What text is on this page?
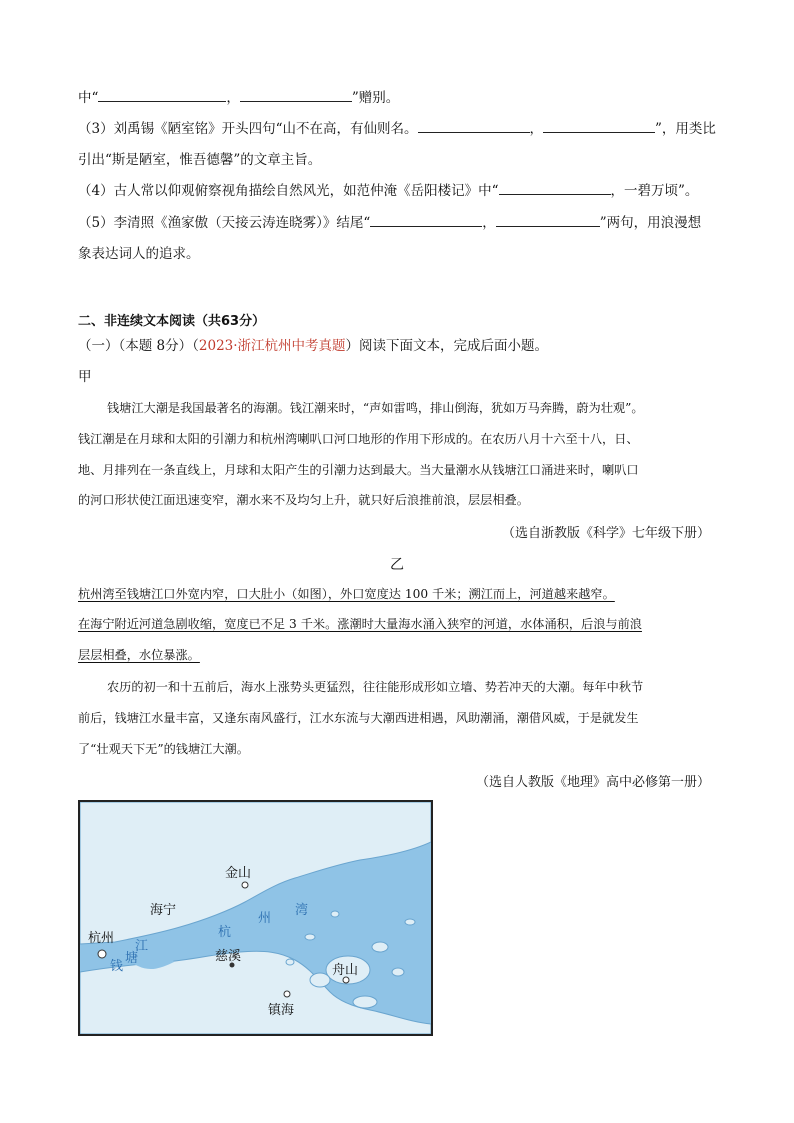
中“	，	”赠别。
（3）刘禹锡《陋室铭》开头四句“山不在高，有仙则名。	，	”，用类比
引出“斯是陋室，惟吾德馨”的文章主旨。
（4）古人常以仰观俯察视角描绘自然风光，如范仲淹《岳阳楼记》中“	，一碧万顷”。
（5）李清照《渔家傲（天接云涛连晓雾）》结尾“	，	”两句，用浪漫想
象表达词人的追求。
二、非连续文本阅读（共63分）
（一）（本题 8分）（2023·浙江杭州中考真题）阅读下面文本，完成后面小题。
甲
钱塘江大潮是我国最著名的海潮。钱江潮来时，“声如雷鸣，排山倒海，犹如万马奔腾，蔚为壮观”。
钱江潮是在月球和太阳的引潮力和杭州湾喇叭口河口地形的作用下形成的。在农历八月十六至十八，日、
地、月排列在一条直线上，月球和太阳产生的引潮力达到最大。当大量潮水从钱塘江口涌进来时，喇叭口
的河口形状使江面迅速变窄，潮水来不及均匀上升，就只好后浪推前浪，层层相叠。
（选自浙教版《科学》七年级下册）
乙
杭州湾至钱塘江口外宽内窄，口大肚小（如图），外口宽度达 100 千米；溯江而上，河道越来越窄。
在海宁附近河道急剧收缩，宽度已不足 3 千米。涨潮时大量海水涌入狭窄的河道，水体涌积，后浪与前浪
层层相叠，水位暴涨。
农历的初一和十五前后，海水上涨势头更猛烈，往往能形成形如立墙、势若冲天的大潮。每年中秋节
前后，钱塘江水量丰富，又逢东南风盛行，江水东流与大潮西进相遇，风助潮涌，潮借风威，于是就发生
了“壮观天下无”的钱塘江大潮。
（选自人教版《地理》高中必修第一册）
金山
海宁
杭州
慈溪
舟山
镇海
杭
州
湾
钱
塘
江
